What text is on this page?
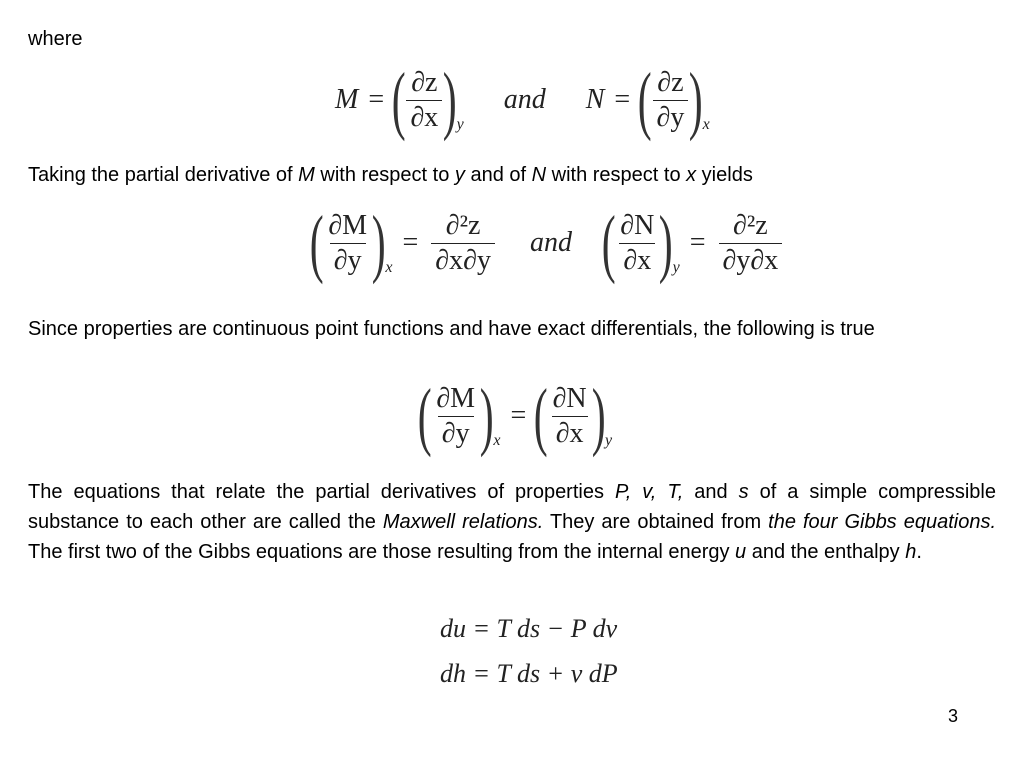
where
M = ( $\frac{\partial z}{\partial x}$ ) y
and N = ( $\frac{\partial z}{\partial y}$ ) x
Taking the partial derivative of M with respect to y and of N with respect to x yields
( $\frac{\partial M}{\partial y}$ ) x
= $\frac{\text{∂²z}}{\partial x\partial y}$ and ( $\frac{\partial N}{\partial x}$ ) y
= $\frac{\text{∂²z}}{\partial y\partial x}$
Since properties are continuous point functions and have exact differentials, the following is true
( $\frac{\partial M}{\partial y}$ ) x
= ( $\frac{\partial N}{\partial x}$ ) y
The equations that relate the partial derivatives of properties P, v, T, and s of a simple compressible substance to each other are called the Maxwell relations. They are obtained from the four Gibbs equations. The first two of the Gibbs equations are those resulting from the internal energy u and the enthalpy h.
du = T ds − P dv
dh = T ds + v dP
3
